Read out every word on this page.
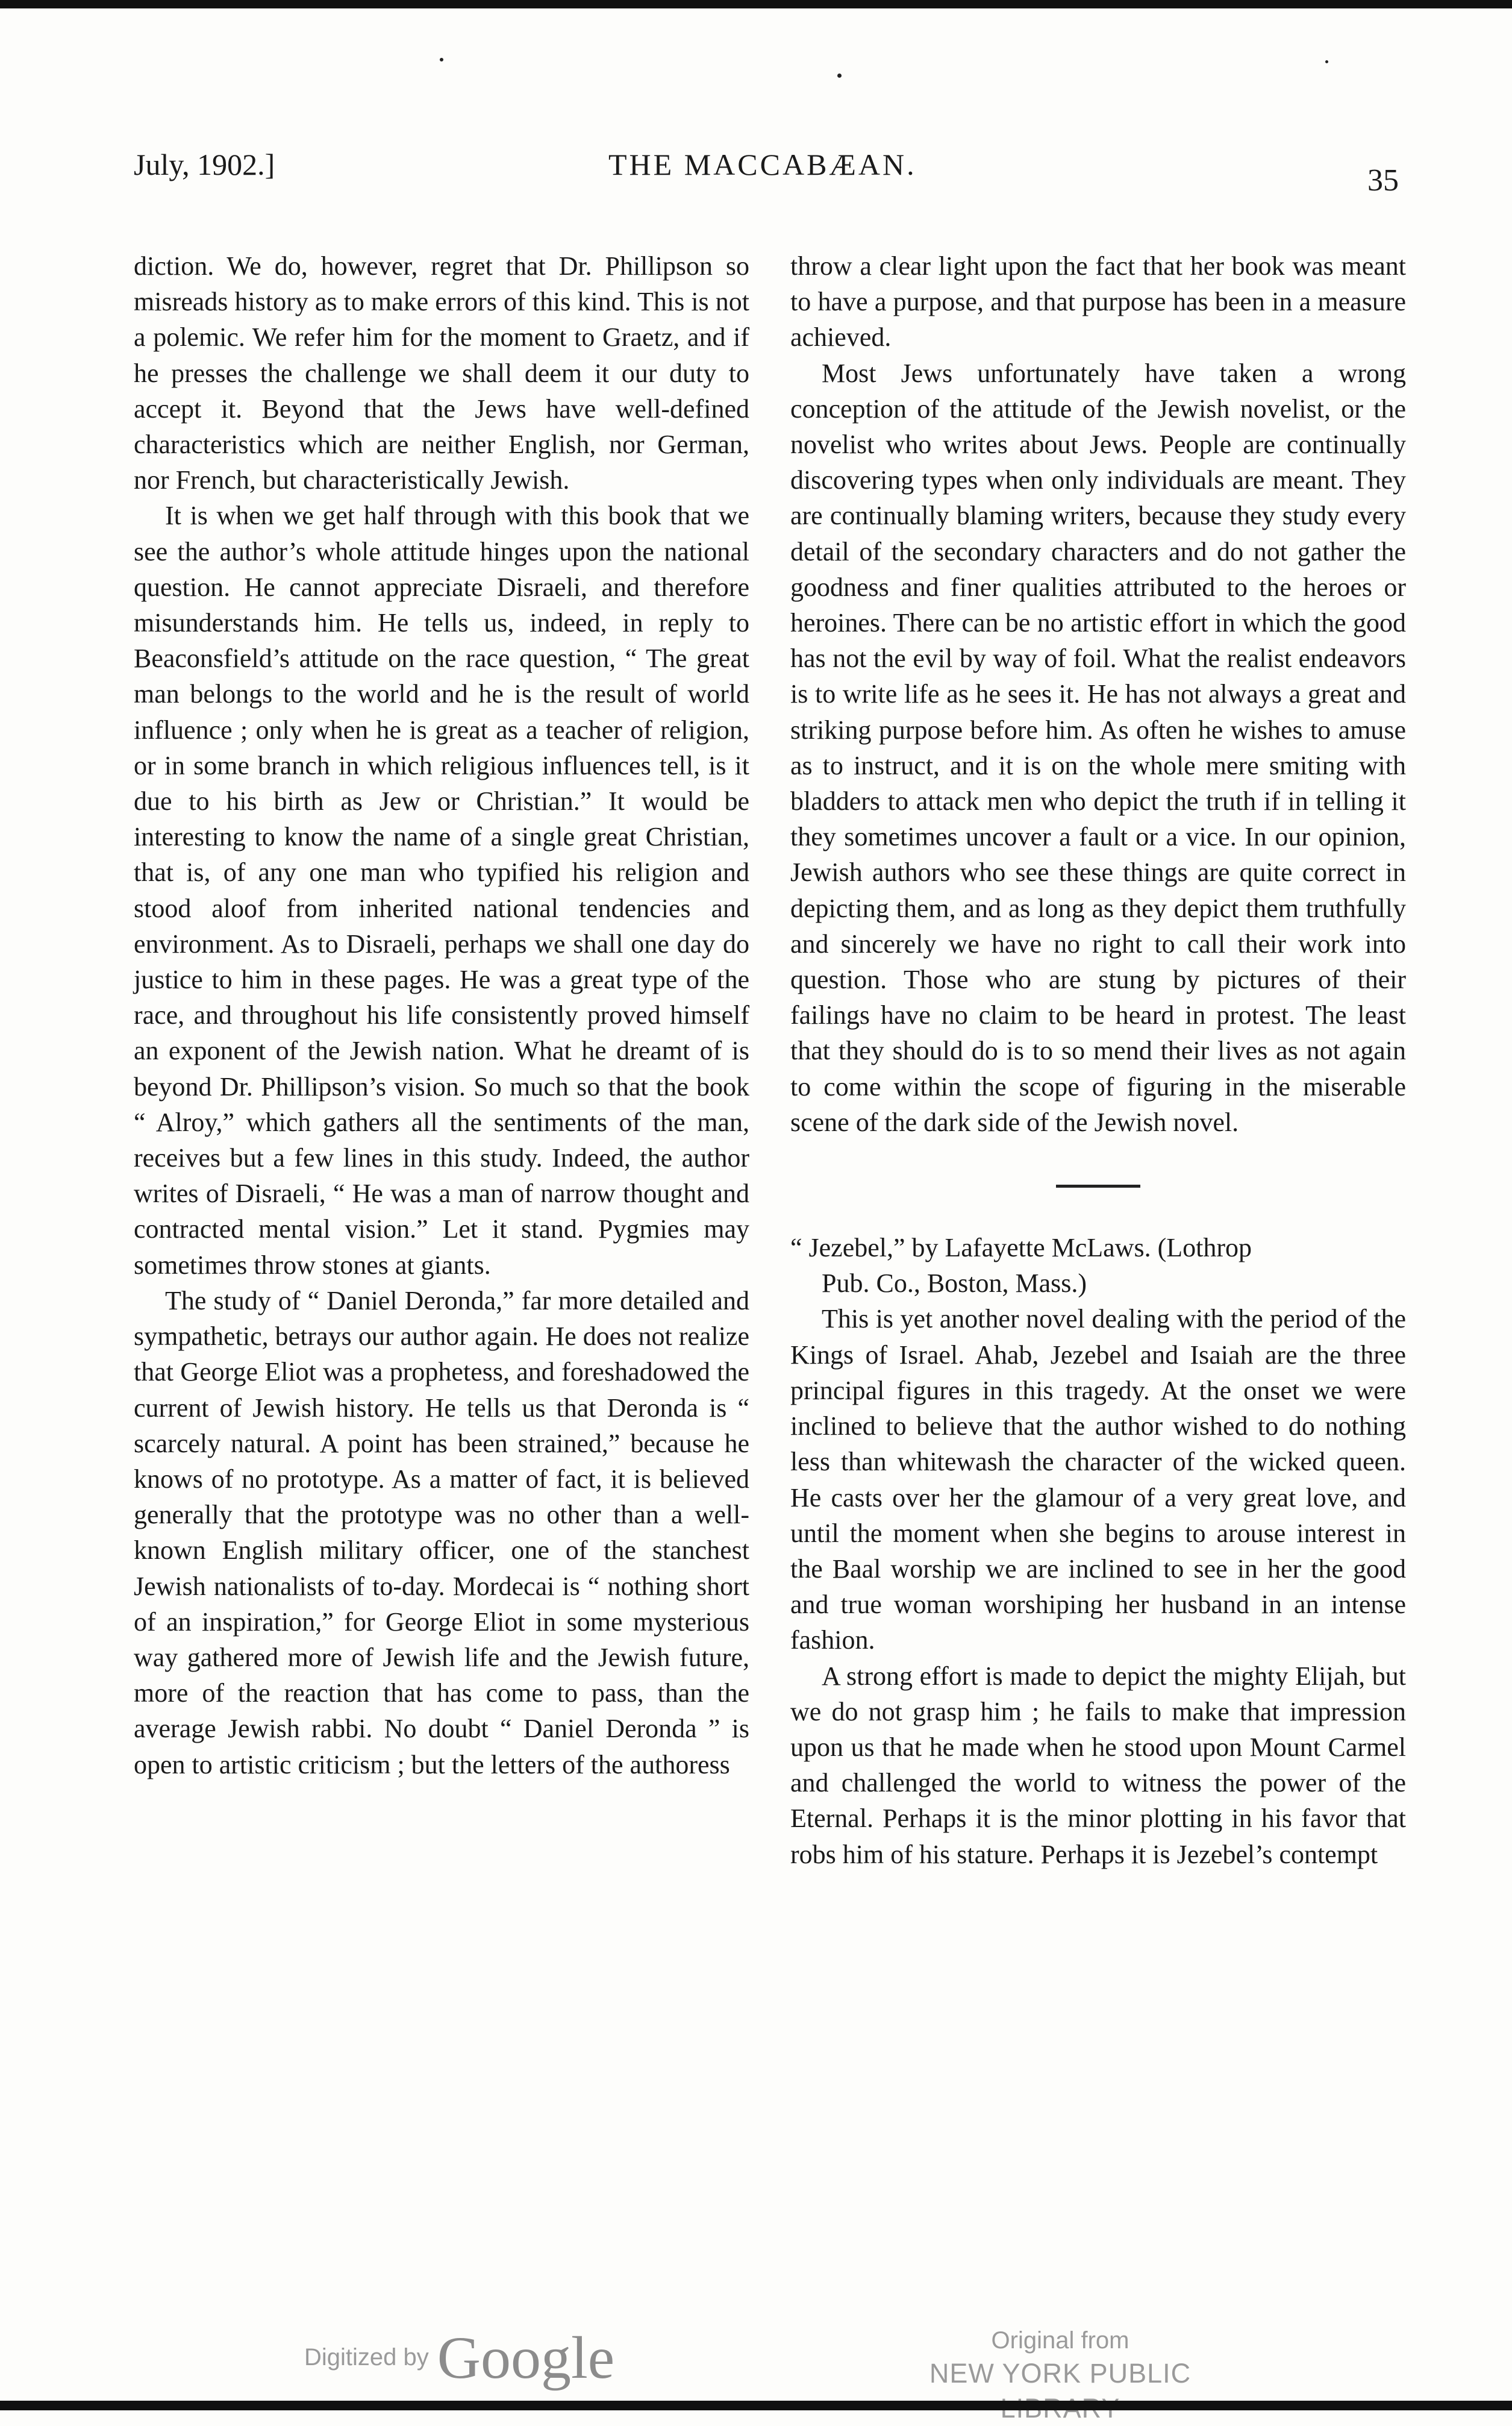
July, 1902.]	THE MACCABÆAN.	35

diction. We do, however, regret that Dr. Phillipson so misreads history as to make errors of this kind. This is not a polemic. We refer him for the moment to Graetz, and if he presses the challenge we shall deem it our duty to accept it. Beyond that the Jews have well-defined characteristics which are neither English, nor German, nor French, but characteristically Jewish.

It is when we get half through with this book that we see the author’s whole attitude hinges upon the national question. He cannot appreciate Disraeli, and therefore misunderstands him. He tells us, indeed, in reply to Beaconsfield’s attitude on the race question, “ The great man belongs to the world and he is the result of world influence ; only when he is great as a teacher of religion, or in some branch in which religious influences tell, is it due to his birth as Jew or Christian.” It would be interesting to know the name of a single great Christian, that is, of any one man who typified his religion and stood aloof from inherited national tendencies and environment. As to Disraeli, perhaps we shall one day do justice to him in these pages. He was a great type of the race, and throughout his life consistently proved himself an exponent of the Jewish nation. What he dreamt of is beyond Dr. Phillipson’s vision. So much so that the book “ Alroy,” which gathers all the sentiments of the man, receives but a few lines in this study. Indeed, the author writes of Disraeli, “ He was a man of narrow thought and contracted mental vision.” Let it stand. Pygmies may sometimes throw stones at giants.

The study of “ Daniel Deronda,” far more detailed and sympathetic, betrays our author again. He does not realize that George Eliot was a prophetess, and foreshadowed the current of Jewish history. He tells us that Deronda is “ scarcely natural. A point has been strained,” because he knows of no prototype. As a matter of fact, it is believed generally that the prototype was no other than a well-known English military officer, one of the stanchest Jewish nationalists of to-day. Mordecai is “ nothing short of an inspiration,” for George Eliot in some mysterious way gathered more of Jewish life and the Jewish future, more of the reaction that has come to pass, than the average Jewish rabbi. No doubt “ Daniel Deronda ” is open to artistic criticism ; but the letters of the authoress

throw a clear light upon the fact that her book was meant to have a purpose, and that purpose has been in a measure achieved.

Most Jews unfortunately have taken a wrong conception of the attitude of the Jewish novelist, or the novelist who writes about Jews. People are continually discovering types when only individuals are meant. They are continually blaming writers, because they study every detail of the secondary characters and do not gather the goodness and finer qualities attributed to the heroes or heroines. There can be no artistic effort in which the good has not the evil by way of foil. What the realist endeavors is to write life as he sees it. He has not always a great and striking purpose before him. As often he wishes to amuse as to instruct, and it is on the whole mere smiting with bladders to attack men who depict the truth if in telling it they sometimes uncover a fault or a vice. In our opinion, Jewish authors who see these things are quite correct in depicting them, and as long as they depict them truthfully and sincerely we have no right to call their work into question. Those who are stung by pictures of their failings have no claim to be heard in protest. The least that they should do is to so mend their lives as not again to come within the scope of figuring in the miserable scene of the dark side of the Jewish novel.

“ Jezebel,” by Lafayette McLaws. (Lothrop
Pub. Co., Boston, Mass.)

This is yet another novel dealing with the period of the Kings of Israel. Ahab, Jezebel and Isaiah are the three principal figures in this tragedy. At the onset we were inclined to believe that the author wished to do nothing less than whitewash the character of the wicked queen. He casts over her the glamour of a very great love, and until the moment when she begins to arouse interest in the Baal worship we are inclined to see in her the good and true woman worshiping her husband in an intense fashion.

A strong effort is made to depict the mighty Elijah, but we do not grasp him ; he fails to make that impression upon us that he made when he stood upon Mount Carmel and challenged the world to witness the power of the Eternal. Perhaps it is the minor plotting in his favor that robs him of his stature. Perhaps it is Jezebel’s contempt

Digitized by Google	Original from
NEW YORK PUBLIC
